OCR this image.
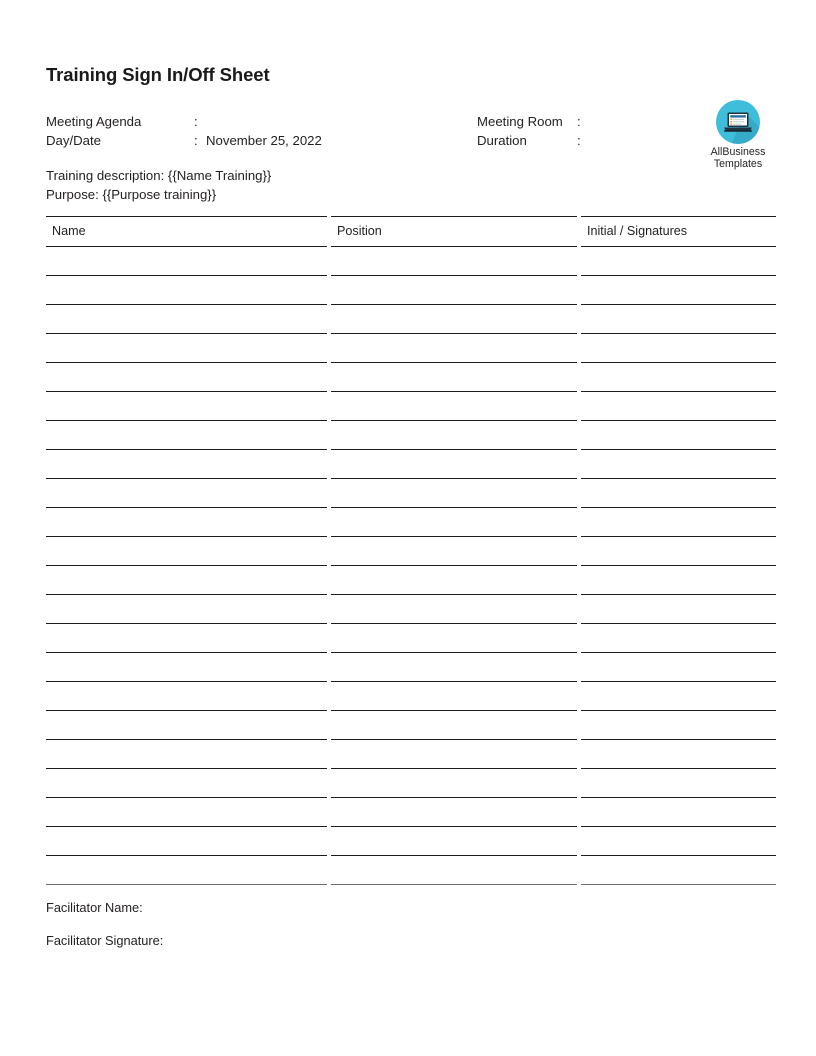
Training Sign In/Off Sheet
Meeting Agenda	:
Day/Date	: November 25, 2022
Meeting Room	:
Duration	:
Training description: {{Name Training}}
Purpose: {{Purpose training}}
AllBusiness
Templates
Name	Position	Initial / Signatures
Facilitator Name:
Facilitator Signature:
